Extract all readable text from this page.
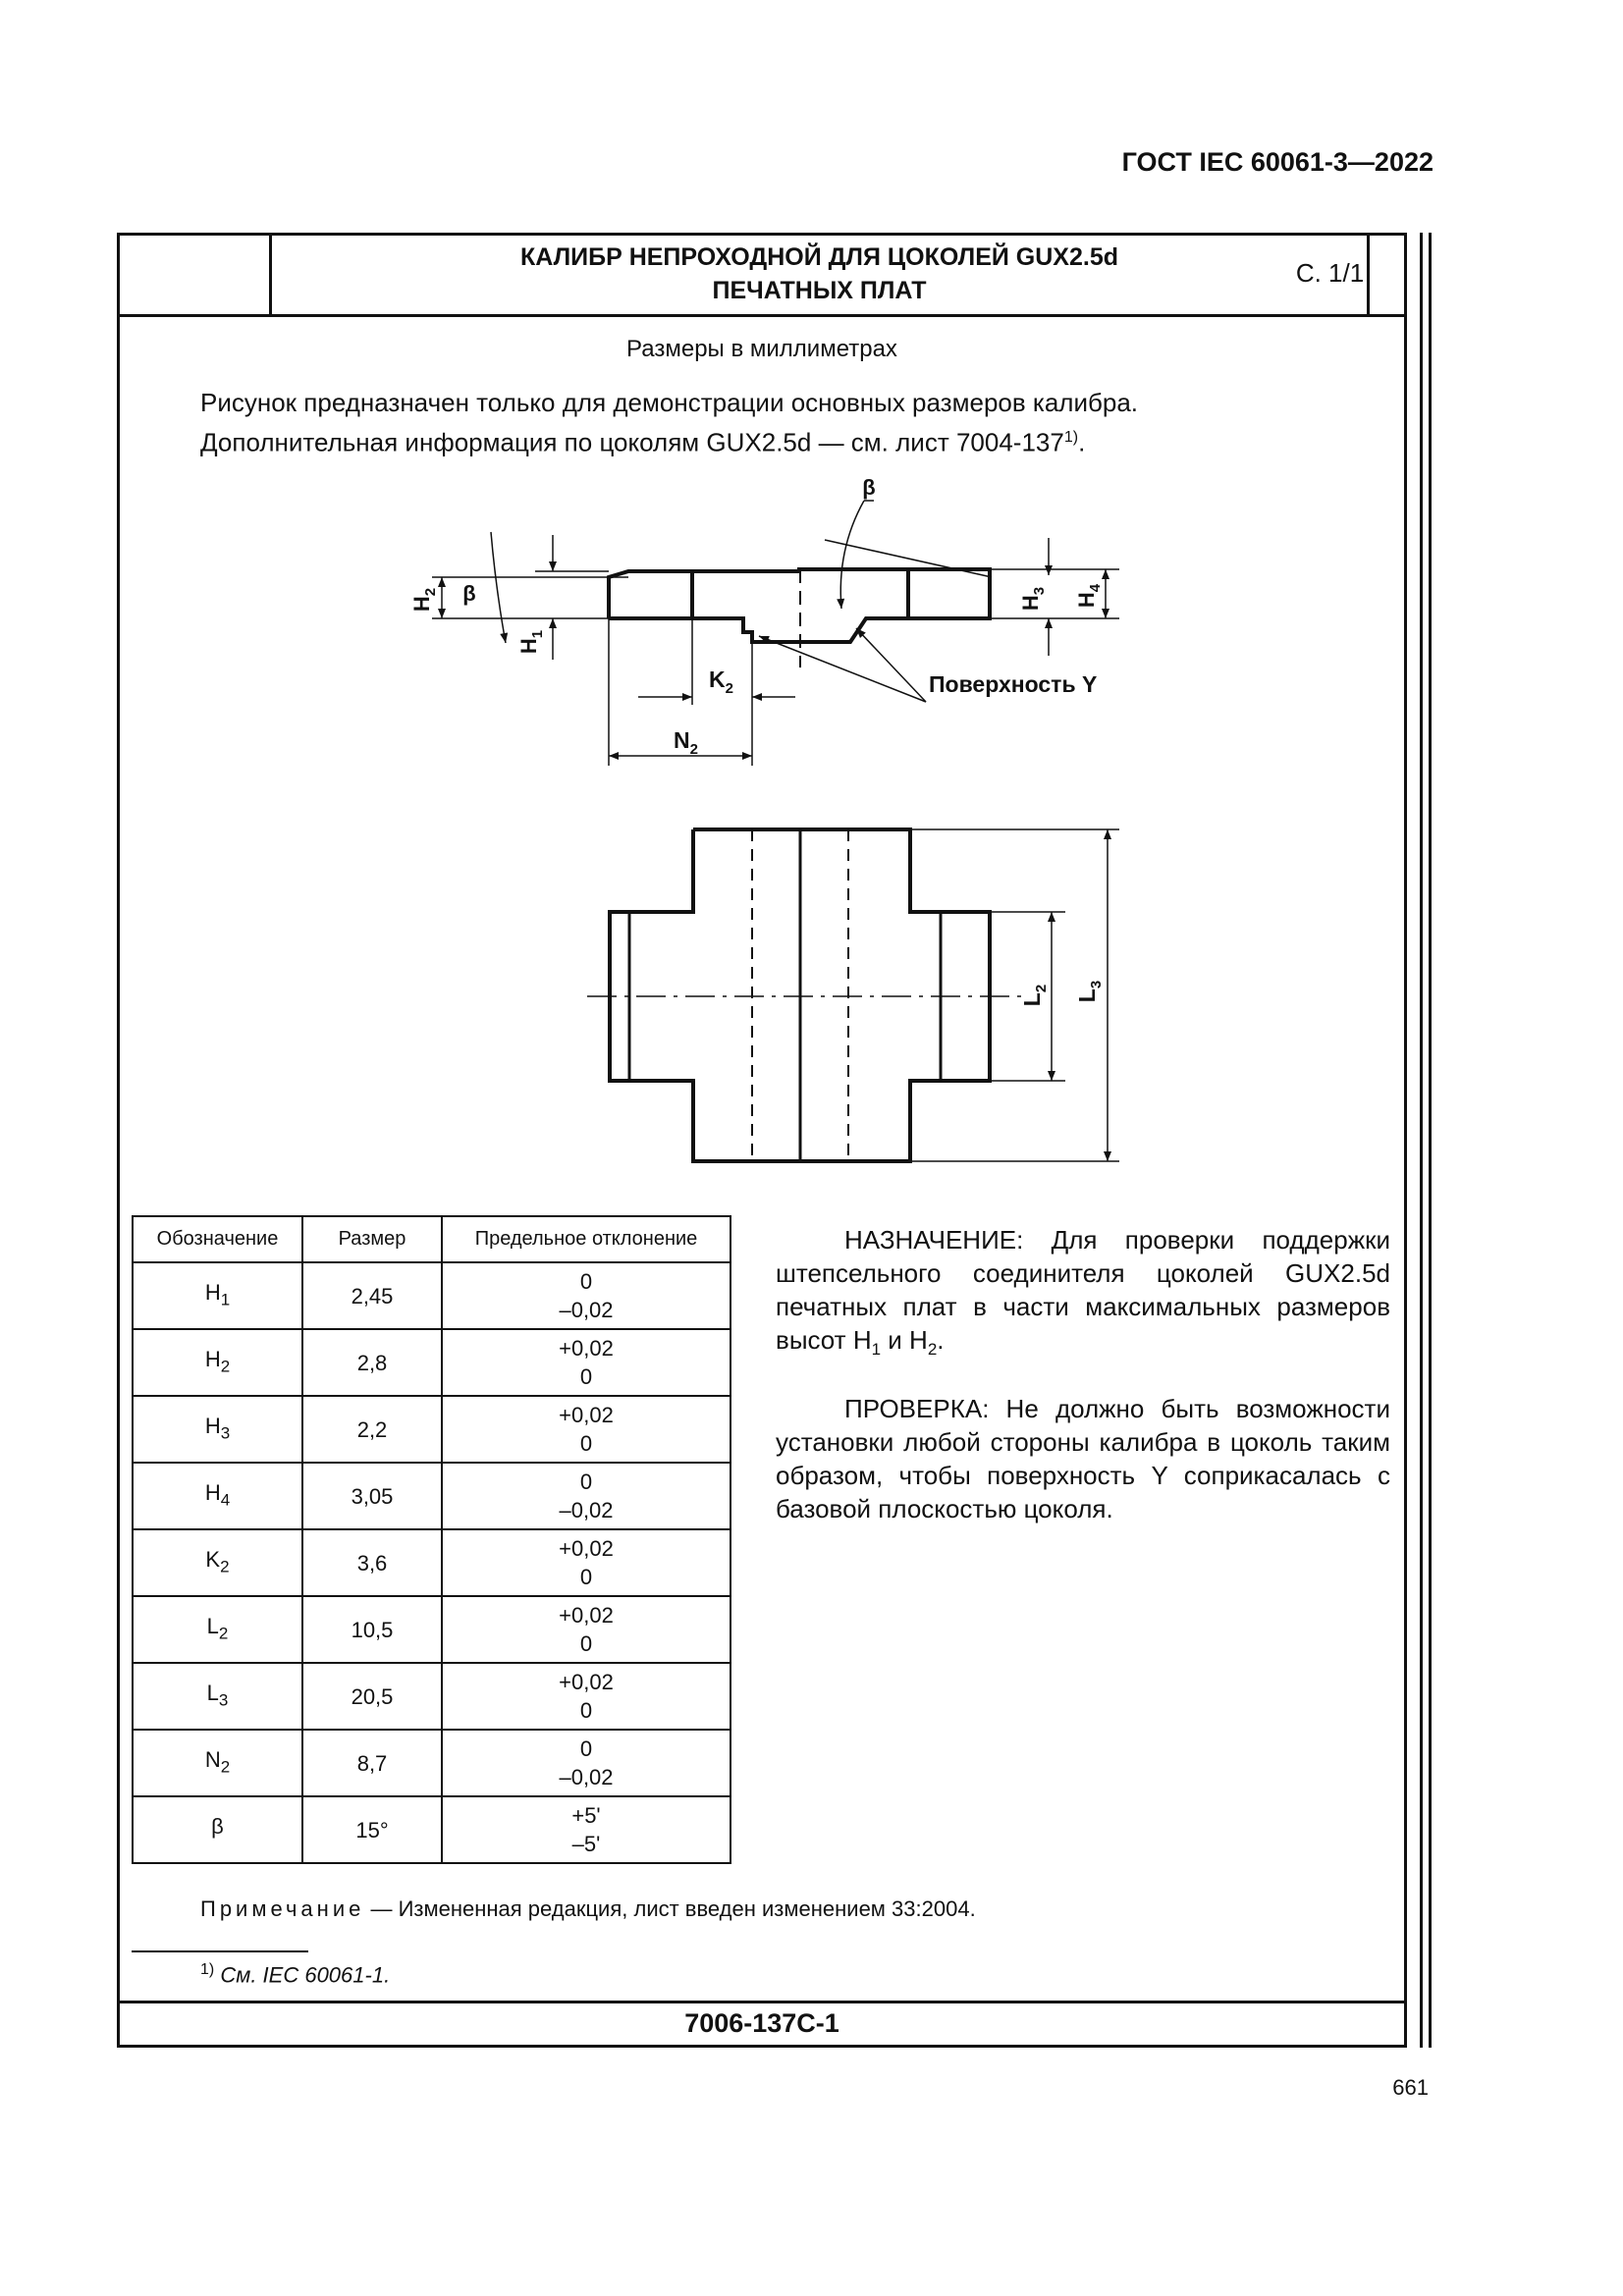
ГОСТ IEC 60061-3—2022
КАЛИБР НЕПРОХОДНОЙ ДЛЯ ЦОКОЛЕЙ GUX2.5d
ПЕЧАТНЫХ ПЛАТ
С. 1/1
Размеры в миллиметрах
Рисунок предназначен только для демонстрации основных размеров калибра.
Дополнительная информация по цоколям GUX2.5d — см. лист 7004-137$^{1)}$.
$H_2$ β
$H_1$
β
$H_3$
$H_4$
$K_2$
$N_2$
Поверхность Y
$L_2$
$L_3$
Обозначение	Размер	Предельное отклонение
$H_1$	2,45	0
–0,02

$H_2$	2,8	+0,02
0

$H_3$	2,2	+0,02
0

$H_4$	3,05	0
–0,02

$K_2$	3,6	+0,02
0

$L_2$	10,5	+0,02
0

$L_3$	20,5	+0,02
0

$N_2$	8,7	0
–0,02

β	15°	+5'
–5'

НАЗНАЧЕНИЕ: Для проверки поддержки штепсельного соединителя цоколей GUX2.5d печатных плат в части максимальных размеров высот $H_1$ и $H_2$.

ПРОВЕРКА: Не должно быть возможности установки любой стороны калибра в цоколь таким образом, чтобы поверхность Y соприкасалась с базовой плоскостью цоколя.

Примечание — Измененная редакция, лист введен изменением 33:2004.
$^{1)}$ См. IEC 60061-1.
7006-137С-1
661
